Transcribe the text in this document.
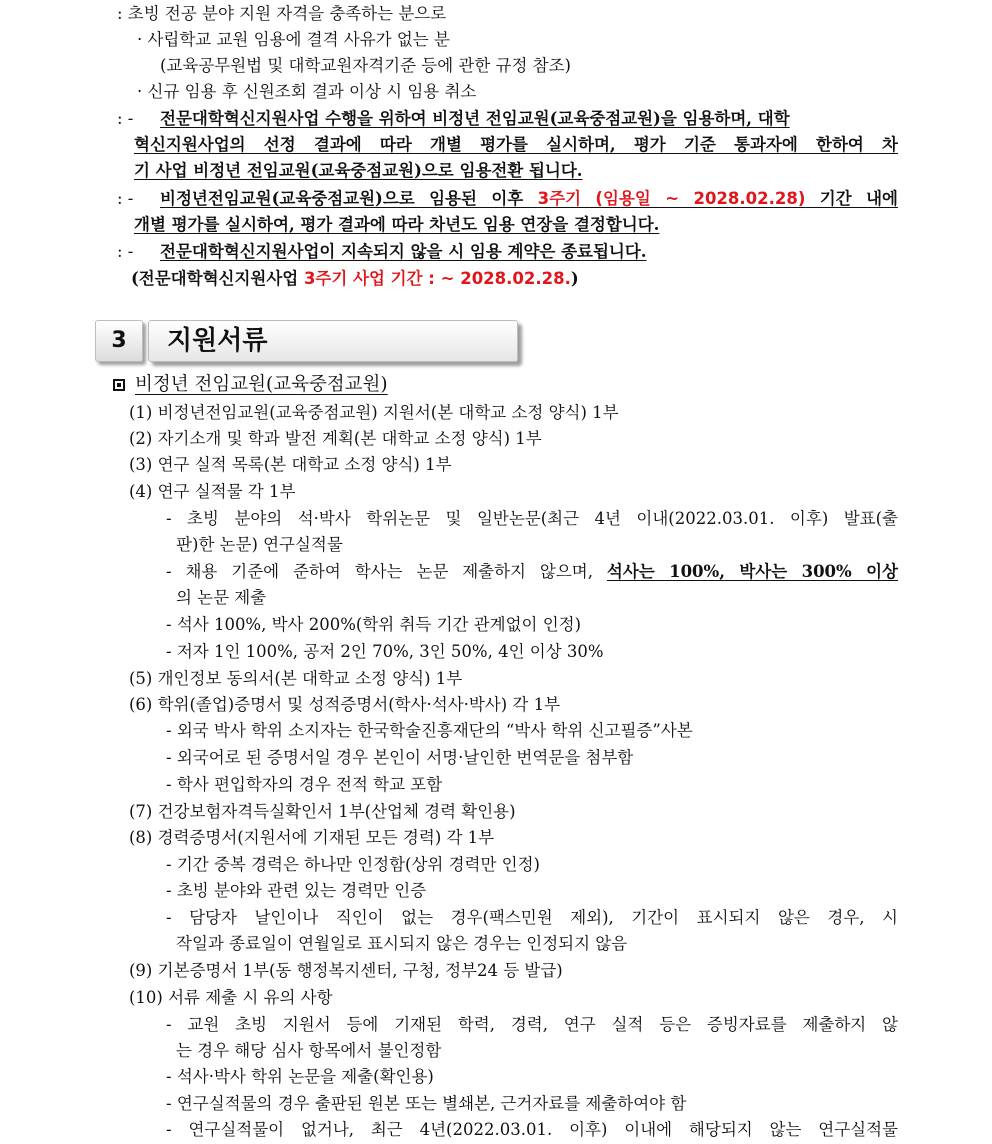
: 초빙 전공 분야 지원 자격을 충족하는 분으로
· 사립학교 교원 임용에 결격 사유가 없는 분
(교육공무원법 및 대학교원자격기준 등에 관한 규정 참조)
· 신규 임용 후 신원조회 결과 이상 시 임용 취소
: - 전문대학혁신지원사업 수행을 위하여 비정년 전임교원(교육중점교원)을 임용하며, 대학
혁신지원사업의 선정 결과에 따라 개별 평가를 실시하며, 평가 기준 통과자에 한하여 차
기 사업 비정년 전임교원(교육중점교원)으로 임용전환 됩니다.
: - 비정년전임교원(교육중점교원)으로 임용된 이후 3주기 (임용일 ~ 2028.02.28) 기간 내에
개별 평가를 실시하여, 평가 결과에 따라 차년도 임용 연장을 결정합니다.
: - 전문대학혁신지원사업이 지속되지 않을 시 임용 계약은 종료됩니다.
(전문대학혁신지원사업 3주기 사업 기간 : ~ 2028.02.28.)
3	지원서류
비정년 전임교원(교육중점교원)
(1) 비정년전임교원(교육중점교원) 지원서(본 대학교 소정 양식) 1부
(2) 자기소개 및 학과 발전 계획(본 대학교 소정 양식) 1부
(3) 연구 실적 목록(본 대학교 소정 양식) 1부
(4) 연구 실적물 각 1부
- 초빙 분야의 석·박사 학위논문 및 일반논문(최근 4년 이내(2022.03.01. 이후) 발표(출
판)한 논문) 연구실적물
- 채용 기준에 준하여 학사는 논문 제출하지 않으며, 석사는 100%, 박사는 300% 이상
의 논문 제출
- 석사 100%, 박사 200%(학위 취득 기간 관계없이 인정)
- 저자 1인 100%, 공저 2인 70%, 3인 50%, 4인 이상 30%
(5) 개인정보 동의서(본 대학교 소정 양식) 1부
(6) 학위(졸업)증명서 및 성적증명서(학사·석사·박사) 각 1부
- 외국 박사 학위 소지자는 한국학술진흥재단의 “박사 학위 신고필증”사본
- 외국어로 된 증명서일 경우 본인이 서명·날인한 번역문을 첨부함
- 학사 편입학자의 경우 전적 학교 포함
(7) 건강보험자격득실확인서 1부(산업체 경력 확인용)
(8) 경력증명서(지원서에 기재된 모든 경력) 각 1부
- 기간 중복 경력은 하나만 인정함(상위 경력만 인정)
- 초빙 분야와 관련 있는 경력만 인증
- 담당자 날인이나 직인이 없는 경우(팩스민원 제외), 기간이 표시되지 않은 경우, 시
작일과 종료일이 연월일로 표시되지 않은 경우는 인정되지 않음
(9) 기본증명서 1부(동 행정복지센터, 구청, 정부24 등 발급)
(10) 서류 제출 시 유의 사항
- 교원 초빙 지원서 등에 기재된 학력, 경력, 연구 실적 등은 증빙자료를 제출하지 않
는 경우 해당 심사 항목에서 불인정함
- 석사·박사 학위 논문을 제출(확인용)
- 연구실적물의 경우 출판된 원본 또는 별쇄본, 근거자료를 제출하여야 함
- 연구실적물이 없거나, 최근 4년(2022.03.01. 이후) 이내에 해당되지 않는 연구실적물
